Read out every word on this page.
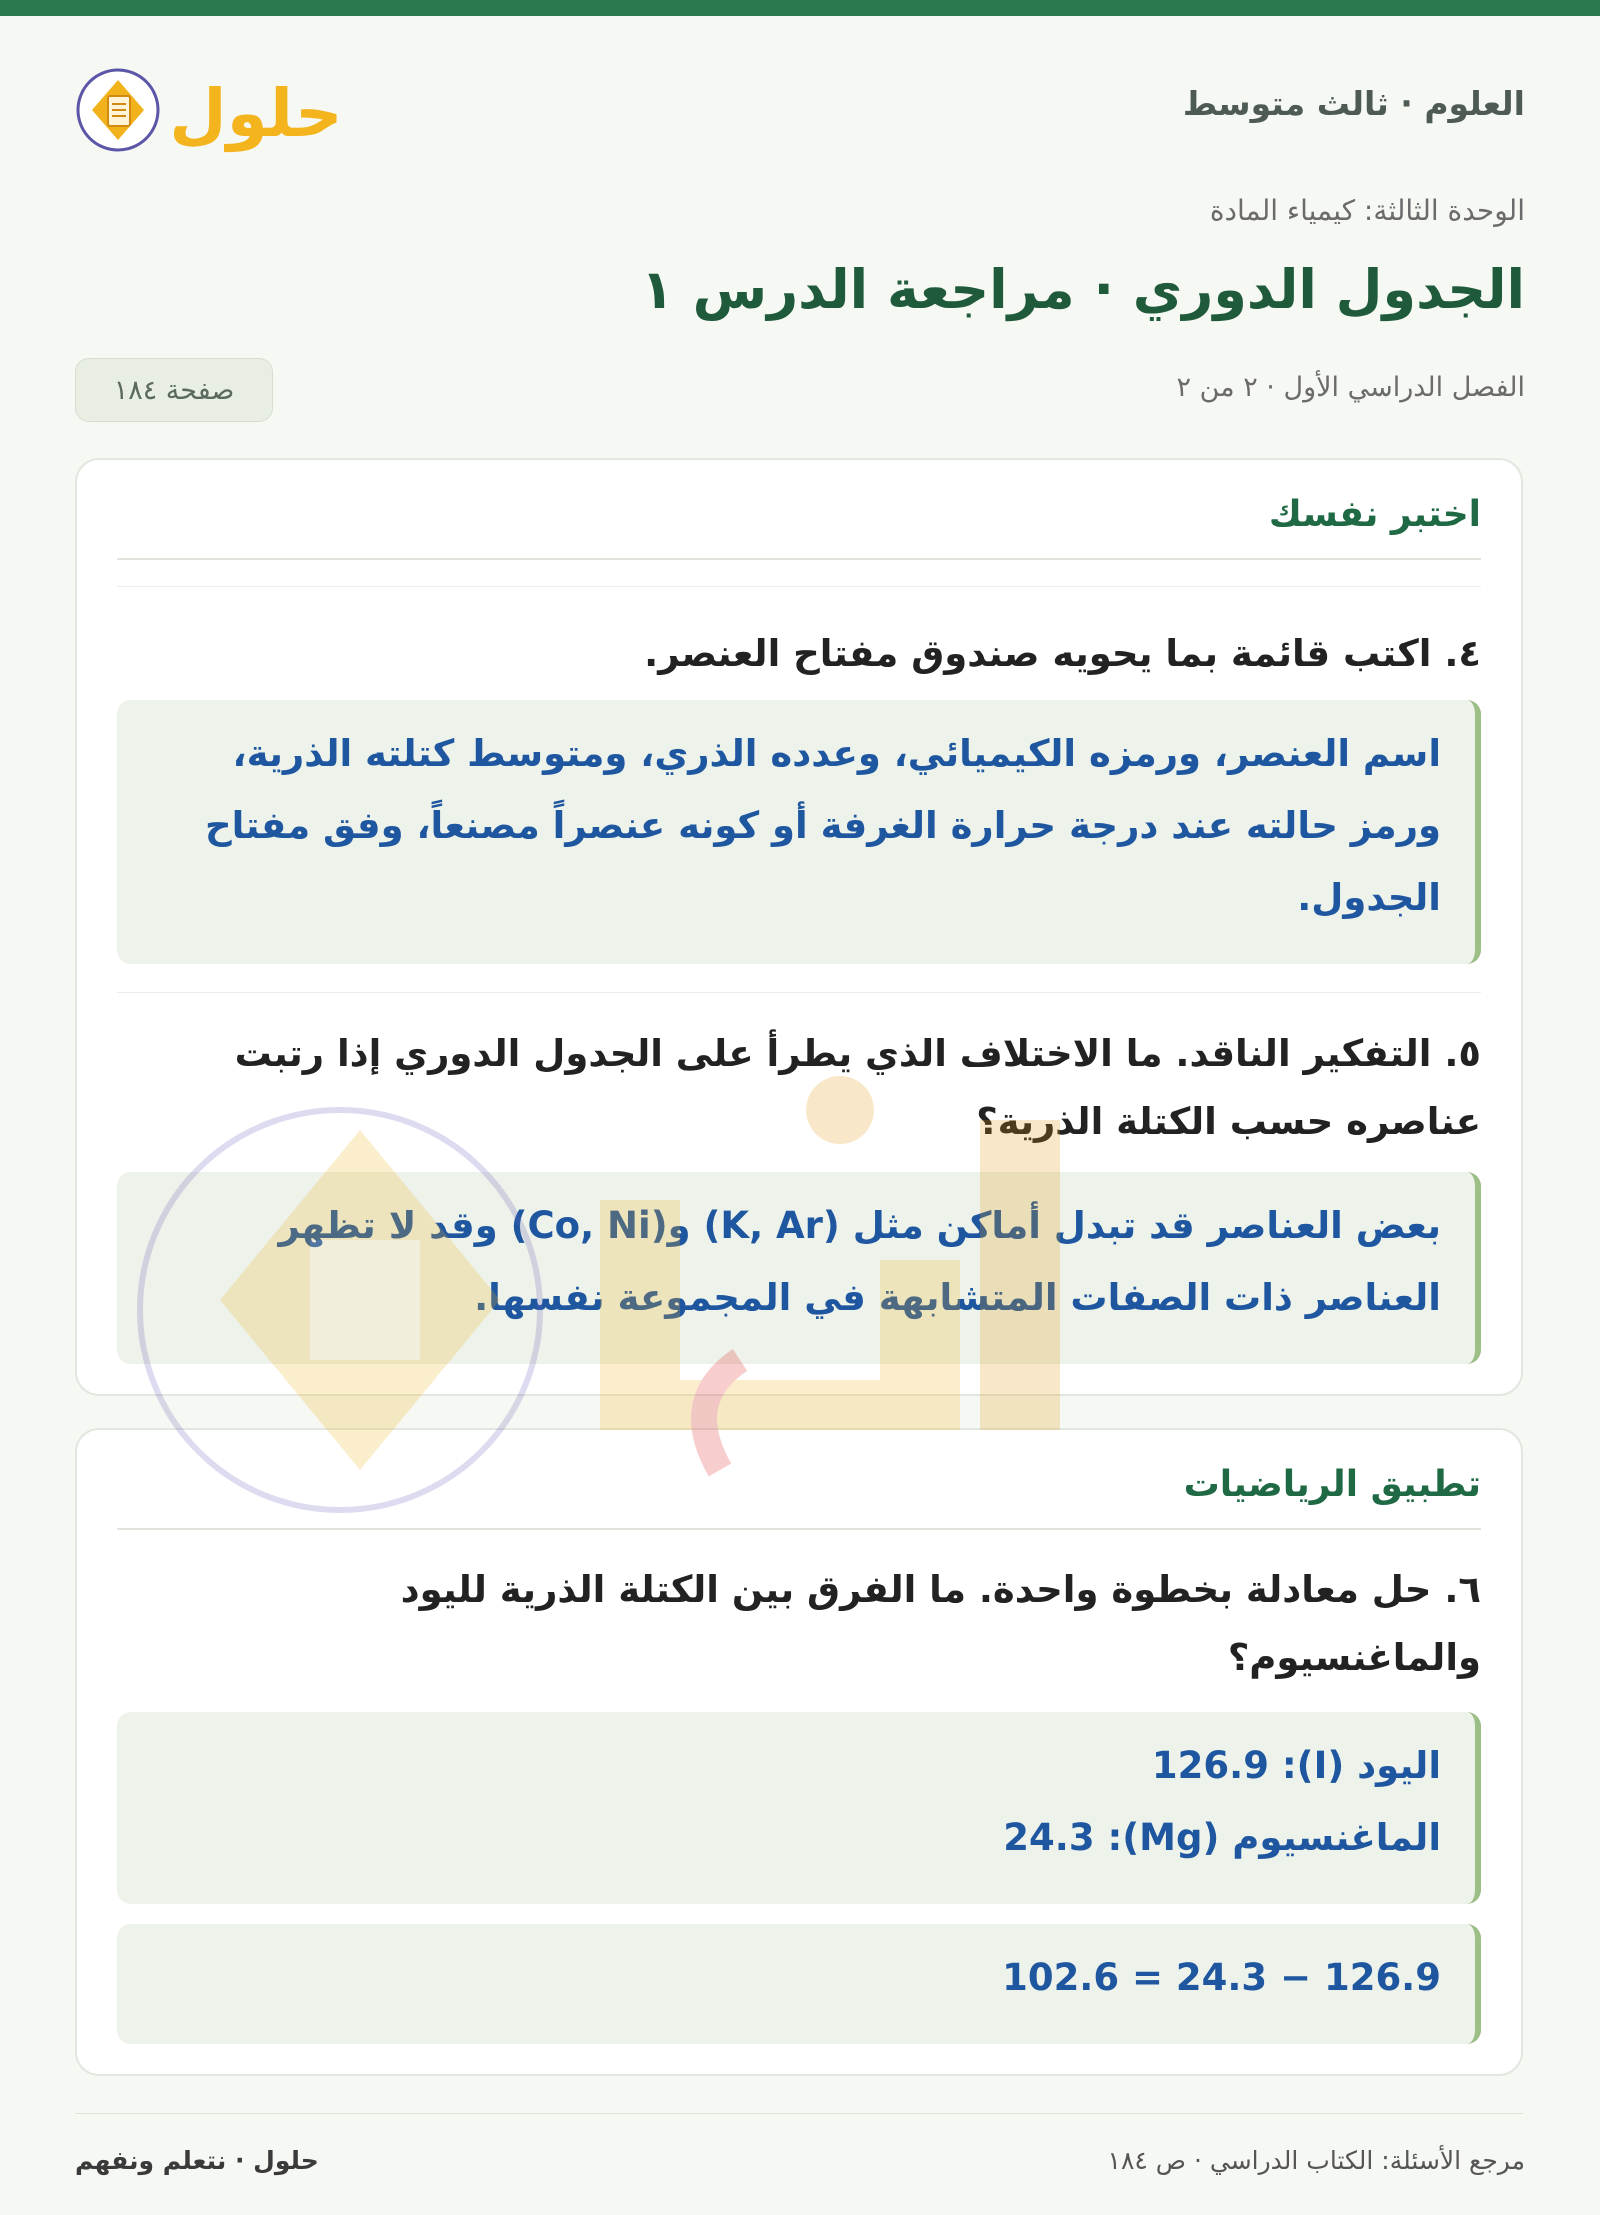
العلوم · ثالث متوسط
حلول
الوحدة الثالثة: كيمياء المادة
الجدول الدوري · مراجعة الدرس ١
الفصل الدراسي الأول · ٢ من ٢
صفحة ١٨٤
اختبر نفسك
٤. اكتب قائمة بما يحويه صندوق مفتاح العنصر.
اسم العنصر، ورمزه الكيميائي، وعدده الذري، ومتوسط كتلته الذرية،
ورمز حالته عند درجة حرارة الغرفة أو كونه عنصراً مصنعاً، وفق مفتاح
الجدول.
٥. التفكير الناقد. ما الاختلاف الذي يطرأ على الجدول الدوري إذا رتبت
عناصره حسب الكتلة الذرية؟
بعض العناصر قد تبدل أماكن مثل (K, Ar) و(Co, Ni) وقد لا تظهر
العناصر ذات الصفات المتشابهة في المجموعة نفسها.
تطبيق الرياضيات
٦. حل معادلة بخطوة واحدة. ما الفرق بين الكتلة الذرية لليود
والماغنسيوم؟
اليود (I): 126.9
الماغنسيوم (Mg): 24.3
126.9 − 24.3 = 102.6
مرجع الأسئلة: الكتاب الدراسي · ص ١٨٤
حلول · نتعلم ونفهم
